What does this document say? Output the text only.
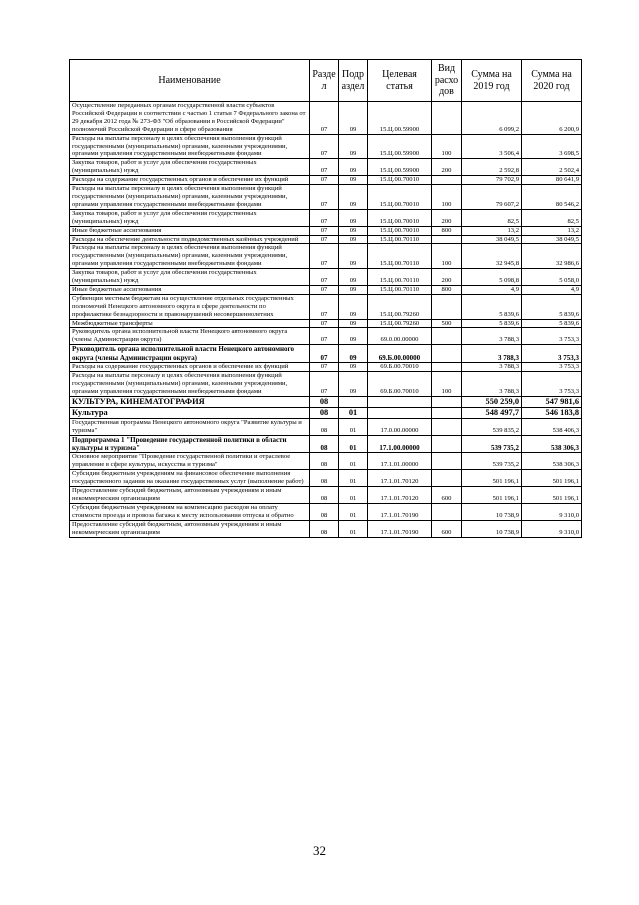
Наименование	Разде л	Подр аздел	Целевая статья	Вид расхо дов	Сумма на 2019 год	Сумма на 2020 год
Осуществление переданных органам государственной власти субъектов Российской Федерации в соответствии с частью 1 статьи 7 Федерального закона от 29 декабря 2012 года № 273-ФЗ "Об образовании в Российской Федерации" полномочий Российской Федерации в сфере образования	07	09	15.Ц.00.59900		6 099,2	6 200,9
Расходы на выплаты персоналу в целях обеспечения выполнения функций государственными (муниципальными) органами, казенными учреждениями, органами управления государственными внебюджетными фондами	07	09	15.Ц.00.59900	100	3 506,4	3 698,5
Закупка товаров, работ и услуг для обеспечения государственных (муниципальных) нужд	07	09	15.Ц.00.59900	200	2 592,8	2 502,4
Расходы на содержание государственных органов и обеспечение их функций	07	09	15.Ц.00.70010		79 702,9	80 641,9
Расходы на выплаты персоналу в целях обеспечения выполнения функций государственными (муниципальными) органами, казенными учреждениями, органами управления государственными внебюджетными фондами	07	09	15.Ц.00.70010	100	79 607,2	80 546,2
Закупка товаров, работ и услуг для обеспечения государственных (муниципальных) нужд	07	09	15.Ц.00.70010	200	82,5	82,5
Иные бюджетные ассигнования	07	09	15.Ц.00.70010	800	13,2	13,2
Расходы на обеспечение деятельности подведомственных казённых учреждений	07	09	15.Ц.00.70110		38 049,5	38 049,5
Расходы на выплаты персоналу в целях обеспечения выполнения функций государственными (муниципальными) органами, казенными учреждениями, органами управления государственными внебюджетными фондами	07	09	15.Ц.00.70110	100	32 945,8	32 986,6
Закупка товаров, работ и услуг для обеспечения государственных (муниципальных) нужд	07	09	15.Ц.00.70110	200	5 098,8	5 058,0
Иные бюджетные ассигнования	07	09	15.Ц.00.70110	800	4,9	4,9
Субвенции местным бюджетам на осуществление отдельных государственных полномочий Ненецкого автономного округа в сфере деятельности по профилактике безнадзорности и правонарушений несовершеннолетних	07	09	15.Ц.00.79260		5 839,6	5 839,6
Межбюджетные трансферты	07	09	15.Ц.00.79260	500	5 839,6	5 839,6
Руководитель органа исполнительной власти Ненецкого автономного округа (члены Администрации округа)	07	09	69.0.00.00000		3 788,3	3 753,3
Руководитель органа исполнительной власти Ненецкого автономного округа (члены Администрации округа)	07	09	69.Б.00.00000		3 788,3	3 753,3
Расходы на содержание государственных органов и обеспечение их функций	07	09	69.Б.00.70010		3 788,3	3 753,3
Расходы на выплаты персоналу в целях обеспечения выполнения функций государственными (муниципальными) органами, казенными учреждениями, органами управления государственными внебюджетными фондами	07	09	69.Б.00.70010	100	3 788,3	3 753,3
КУЛЬТУРА, КИНЕМАТОГРАФИЯ	08				550 259,0	547 981,6
Культура	08	01			548 497,7	546 183,8
Государственная программа Ненецкого автономного округа "Развитие культуры и туризма"	08	01	17.0.00.00000		539 835,2	538 406,3
Подпрограмма 1 "Проведение государственной политики в области культуры и туризма"	08	01	17.1.00.00000		539 735,2	538 306,3
Основное мероприятие "Проведение государственной политики и отраслевое управление в сфере культуры, искусства и туризма"	08	01	17.1.01.00000		539 735,2	538 306,3
Субсидии бюджетным учреждениям на финансовое обеспечение выполнения государственного задания на оказание государственных услуг (выполнение работ)	08	01	17.1.01.70120		501 196,1	501 196,1
Предоставление субсидий бюджетным, автономным учреждениям и иным некоммерческим организациям	08	01	17.1.01.70120	600	501 196,1	501 196,1
Субсидии бюджетным учреждениям на компенсацию расходов на оплату стоимости проезда и провоза багажа к месту использования отпуска и обратно	08	01	17.1.01.70190		10 738,9	9 310,0
Предоставление субсидий бюджетным, автономным учреждениям и иным некоммерческим организациям	08	01	17.1.01.70190	600	10 738,9	9 310,0
32
